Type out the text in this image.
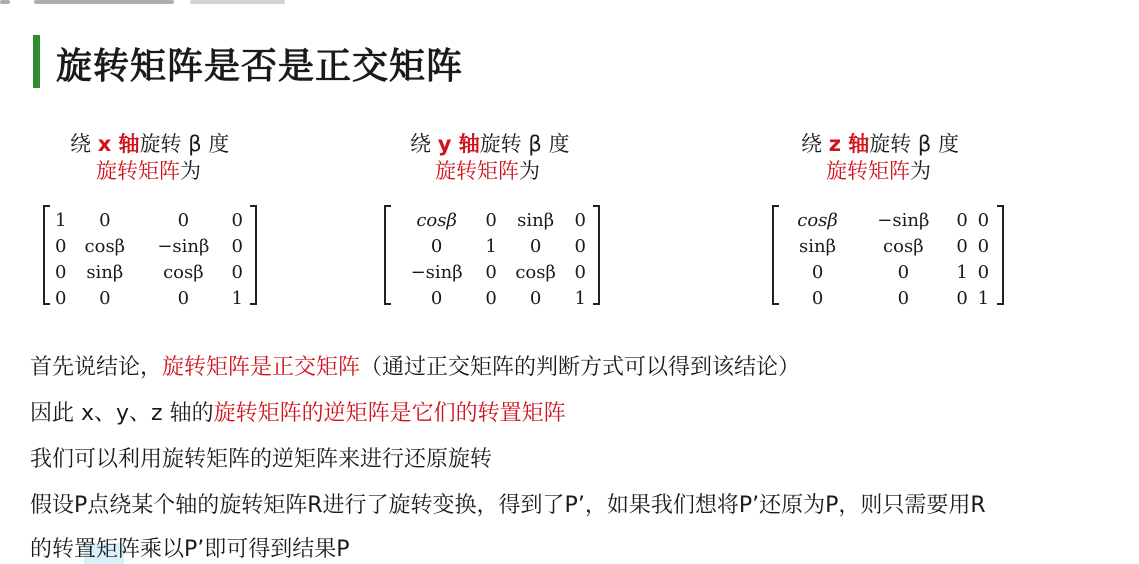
旋转矩阵是否是正交矩阵
绕 x 轴旋转 β 度
旋转矩阵为
1	0	0	0
0	cosβ	−sinβ	0
0	sinβ	cosβ	0
0	0	0	1
绕 y 轴旋转 β 度
旋转矩阵为
cosβ	0	sinβ	0
0	1	0	0
−sinβ	0	cosβ	0
0	0	0	1
绕 z 轴旋转 β 度
旋转矩阵为
cosβ	−sinβ	0	0
sinβ	cosβ	0	0
0	0	1	0
0	0	0	1
首先说结论，旋转矩阵是正交矩阵（通过正交矩阵的判断方式可以得到该结论）
因此 x、y、z 轴的旋转矩阵的逆矩阵是它们的转置矩阵
我们可以利用旋转矩阵的逆矩阵来进行还原旋转
假设P点绕某个轴的旋转矩阵R进行了旋转变换，得到了P’，如果我们想将P’还原为P，则只需要用R
的转置矩阵乘以P’即可得到结果P
